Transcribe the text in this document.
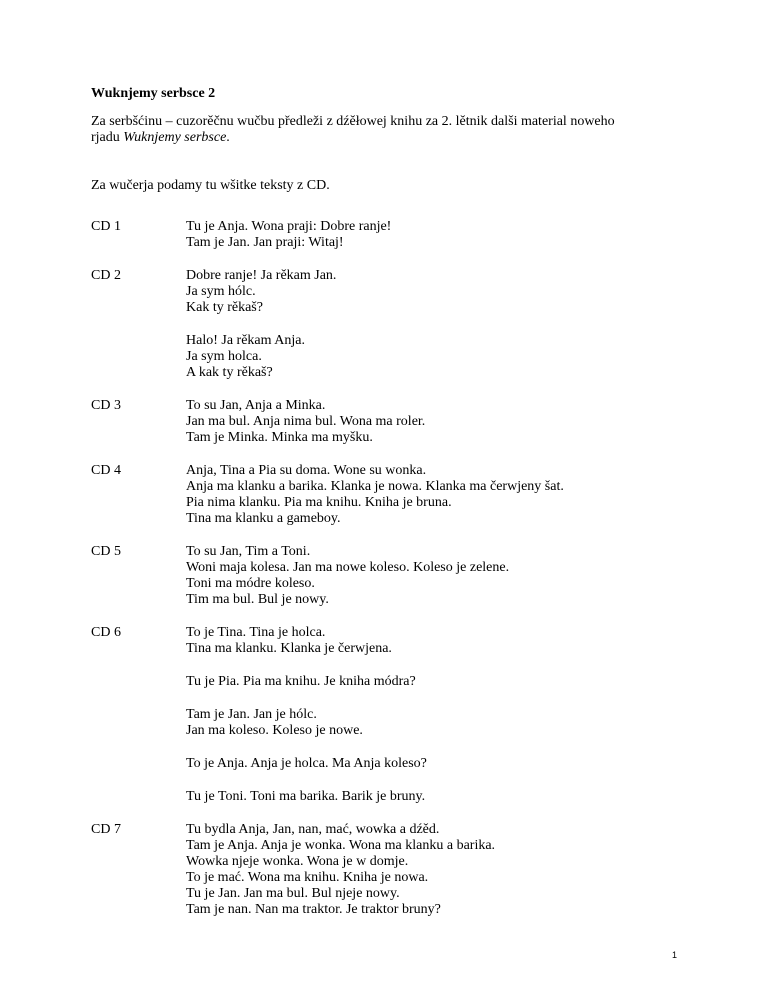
Wuknjemy serbsce 2
Za serbšćinu – cuzorěčnu wučbu předleži z dźěłowej knihu za 2. lětnik dalši material noweho
rjadu Wuknjemy serbsce.
Za wučerja podamy tu wšitke teksty z CD.
CD 1	Tu je Anja. Wona praji: Dobre ranje!
Tam je Jan. Jan praji: Witaj!
CD 2	Dobre ranje! Ja rěkam Jan.
Ja sym hólc.
Kak ty rěkaš?
Halo! Ja rěkam Anja.
Ja sym holca.
A kak ty rěkaš?
CD 3	To su Jan, Anja a Minka.
Jan ma bul. Anja nima bul. Wona ma roler.
Tam je Minka. Minka ma myšku.
CD 4	Anja, Tina a Pia su doma. Wone su wonka.
Anja ma klanku a barika. Klanka je nowa. Klanka ma čerwjeny šat.
Pia nima klanku. Pia ma knihu. Kniha je bruna.
Tina ma klanku a gameboy.
CD 5	To su Jan, Tim a Toni.
Woni maja kolesa. Jan ma nowe koleso. Koleso je zelene.
Toni ma módre koleso.
Tim ma bul. Bul je nowy.
CD 6	To je Tina. Tina je holca.
Tina ma klanku. Klanka je čerwjena.
Tu je Pia. Pia ma knihu. Je kniha módra?
Tam je Jan. Jan je hólc.
Jan ma koleso. Koleso je nowe.
To je Anja. Anja je holca. Ma Anja koleso?
Tu je Toni. Toni ma barika. Barik je bruny.
CD 7	Tu bydla Anja, Jan, nan, mać, wowka a dźěd.
Tam je Anja. Anja je wonka. Wona ma klanku a barika.
Wowka njeje wonka. Wona je w domje.
To je mać. Wona ma knihu. Kniha je nowa.
Tu je Jan. Jan ma bul. Bul njeje nowy.
Tam je nan. Nan ma traktor. Je traktor bruny?
1
